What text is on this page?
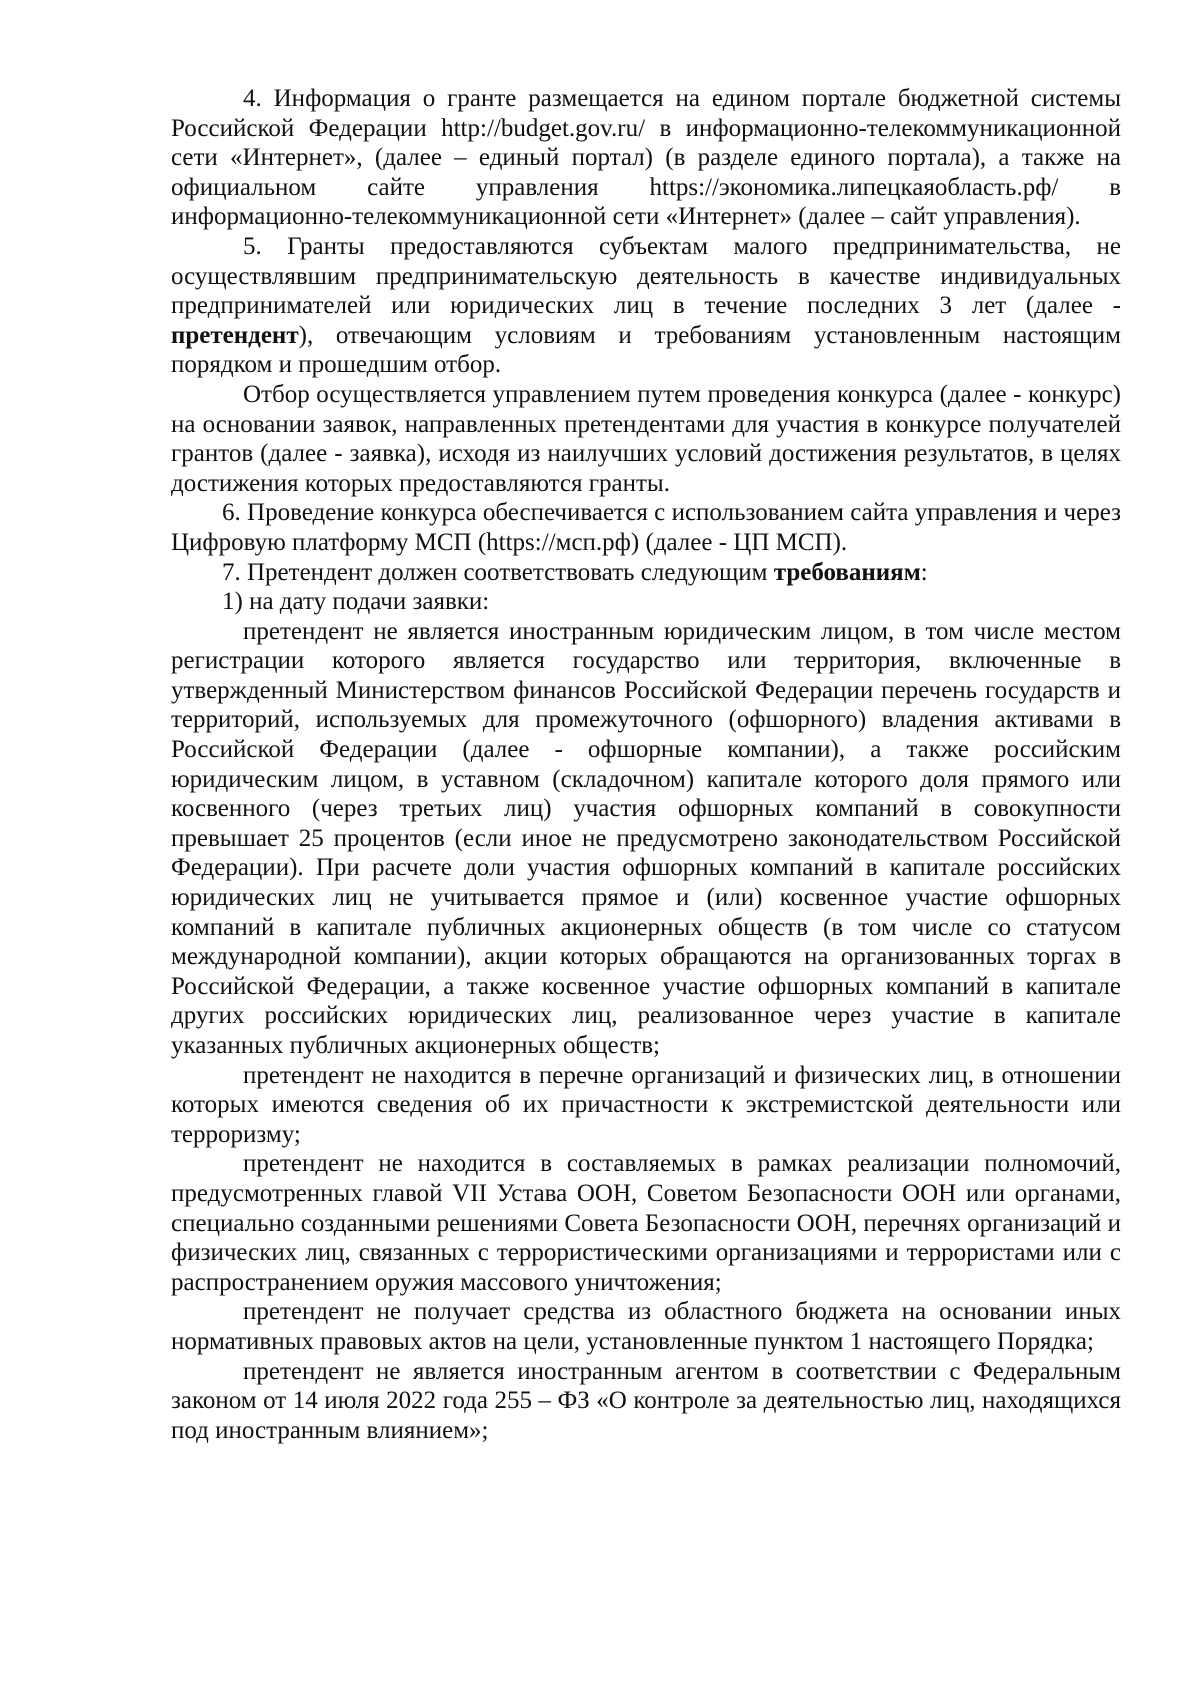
4. Информация о гранте размещается на едином портале бюджетной системы Российской Федерации http://budget.gov.ru/ в информационно-телекоммуникационной сети «Интернет», (далее – единый портал) (в разделе единого портала), а также на официальном сайте управления https://экономика.липецкаяобласть.рф/ в информационно-телекоммуникационной сети «Интернет» (далее – сайт управления).

5. Гранты предоставляются субъектам малого предпринимательства, не осуществлявшим предпринимательскую деятельность в качестве индивидуальных предпринимателей или юридических лиц в течение последних 3 лет (далее - претендент), отвечающим условиям и требованиям установленным настоящим порядком и прошедшим отбор.

Отбор осуществляется управлением путем проведения конкурса (далее - конкурс) на основании заявок, направленных претендентами для участия в конкурсе получателей грантов (далее - заявка), исходя из наилучших условий достижения результатов, в целях достижения которых предоставляются гранты.

6. Проведение конкурса обеспечивается с использованием сайта управления и через Цифровую платформу МСП (https://мсп.рф) (далее - ЦП МСП).

7. Претендент должен соответствовать следующим требованиям:

1) на дату подачи заявки:

претендент не является иностранным юридическим лицом, в том числе местом регистрации которого является государство или территория, включенные в утвержденный Министерством финансов Российской Федерации перечень государств и территорий, используемых для промежуточного (офшорного) владения активами в Российской Федерации (далее - офшорные компании), а также российским юридическим лицом, в уставном (складочном) капитале которого доля прямого или косвенного (через третьих лиц) участия офшорных компаний в совокупности превышает 25 процентов (если иное не предусмотрено законодательством Российской Федерации). При расчете доли участия офшорных компаний в капитале российских юридических лиц не учитывается прямое и (или) косвенное участие офшорных компаний в капитале публичных акционерных обществ (в том числе со статусом международной компании), акции которых обращаются на организованных торгах в Российской Федерации, а также косвенное участие офшорных компаний в капитале других российских юридических лиц, реализованное через участие в капитале указанных публичных акционерных обществ;

претендент не находится в перечне организаций и физических лиц, в отношении которых имеются сведения об их причастности к экстремистской деятельности или терроризму;

претендент не находится в составляемых в рамках реализации полномочий, предусмотренных главой VII Устава ООН, Советом Безопасности ООН или органами, специально созданными решениями Совета Безопасности ООН, перечнях организаций и физических лиц, связанных с террористическими организациями и террористами или с распространением оружия массового уничтожения;

претендент не получает средства из областного бюджета на основании иных нормативных правовых актов на цели, установленные пунктом 1 настоящего Порядка;

претендент не является иностранным агентом в соответствии с Федеральным законом от 14 июля 2022 года 255 – ФЗ «О контроле за деятельностью лиц, находящихся под иностранным влиянием»;
